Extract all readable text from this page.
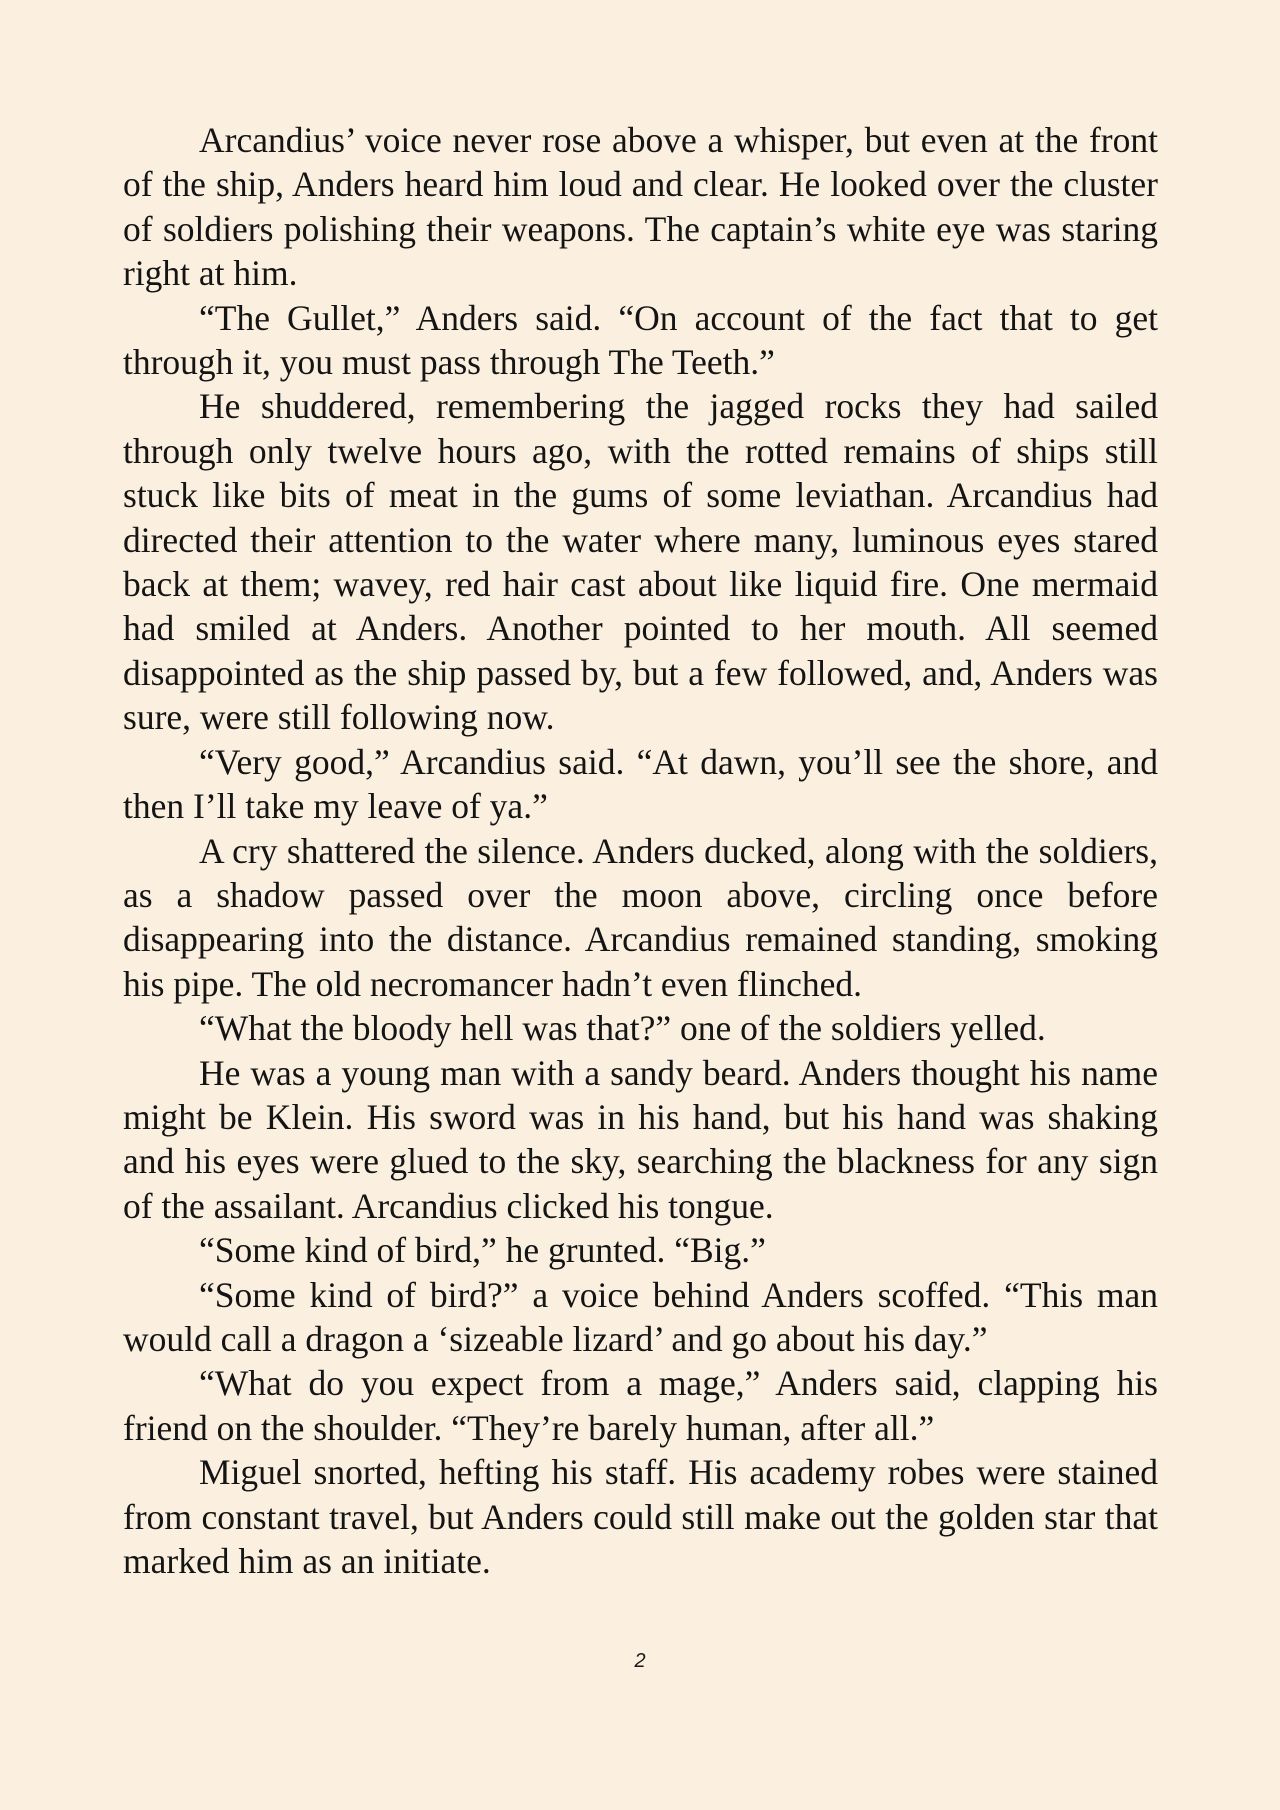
Arcandius’ voice never rose above a whisper, but even at the front of the ship, Anders heard him loud and clear. He looked over the cluster of soldiers polishing their weapons. The captain’s white eye was staring right at him.

“The Gullet,” Anders said. “On account of the fact that to get through it, you must pass through The Teeth.”

He shuddered, remembering the jagged rocks they had sailed through only twelve hours ago, with the rotted remains of ships still stuck like bits of meat in the gums of some leviathan. Arcandius had directed their attention to the water where many, luminous eyes stared back at them; wavey, red hair cast about like liquid fire. One mermaid had smiled at Anders. Another pointed to her mouth. All seemed disappointed as the ship passed by, but a few followed, and, Anders was sure, were still following now.

“Very good,” Arcandius said. “At dawn, you’ll see the shore, and then I’ll take my leave of ya.”

A cry shattered the silence. Anders ducked, along with the soldiers, as a shadow passed over the moon above, circling once before disappearing into the distance. Arcandius remained standing, smoking his pipe. The old necromancer hadn’t even flinched.

“What the bloody hell was that?” one of the soldiers yelled.

He was a young man with a sandy beard. Anders thought his name might be Klein. His sword was in his hand, but his hand was shaking and his eyes were glued to the sky, searching the blackness for any sign of the assailant. Arcandius clicked his tongue.

“Some kind of bird,” he grunted. “Big.”

“Some kind of bird?” a voice behind Anders scoffed. “This man would call a dragon a ‘sizeable lizard’ and go about his day.”

“What do you expect from a mage,” Anders said, clapping his friend on the shoulder. “They’re barely human, after all.”

Miguel snorted, hefting his staff. His academy robes were stained from constant travel, but Anders could still make out the golden star that marked him as an initiate.

2
